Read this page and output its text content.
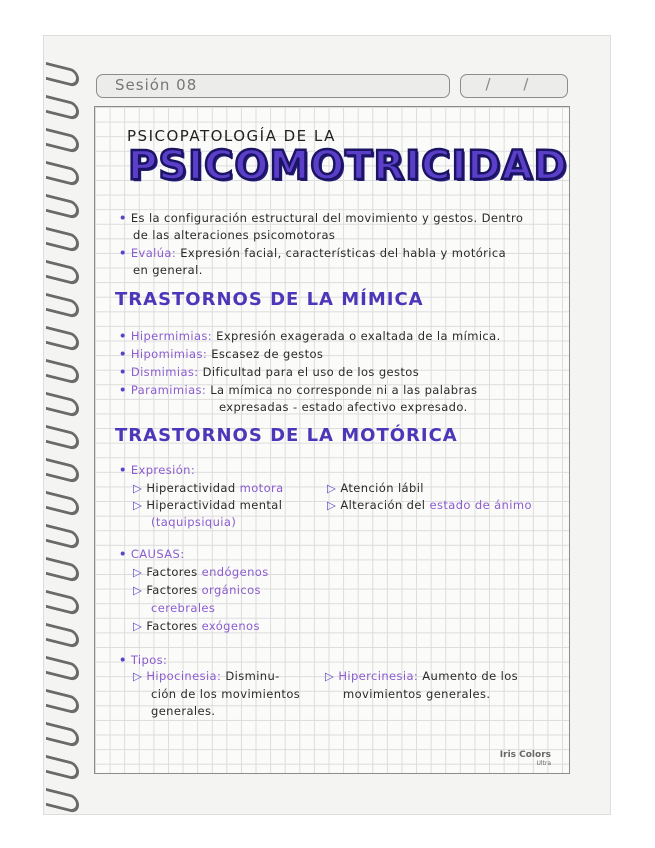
Sesión 08	/ /
PSICOPATOLOGÍA DE LA
PSICOMOTRICIDAD
• Es la configuración estructural del movimiento y gestos. Dentro
de las alteraciones psicomotoras
• Evalúa: Expresión facial, características del habla y motórica
en general.
TRASTORNOS DE LA MÍMICA
• Hipermimias: Expresión exagerada o exaltada de la mímica.
• Hipomimias: Escasez de gestos
• Dismimias: Dificultad para el uso de los gestos
• Paramimias: La mímica no corresponde ni a las palabras
expresadas - estado afectivo expresado.
TRASTORNOS DE LA MOTÓRICA
• Expresión:
▷ Hiperactividad motora
▷ Hiperactividad mental
(taquipsiquia)
▷ Atención lábil
▷ Alteración del estado de ánimo
• CAUSAS:
▷ Factores endógenos
▷ Factores orgánicos
cerebrales
▷ Factores exógenos
• Tipos:
▷ Hipocinesia: Disminu-
ción de los movimientos
generales.
▷ Hipercinesia: Aumento de los
movimientos generales.
Iris Colors
Ultra
